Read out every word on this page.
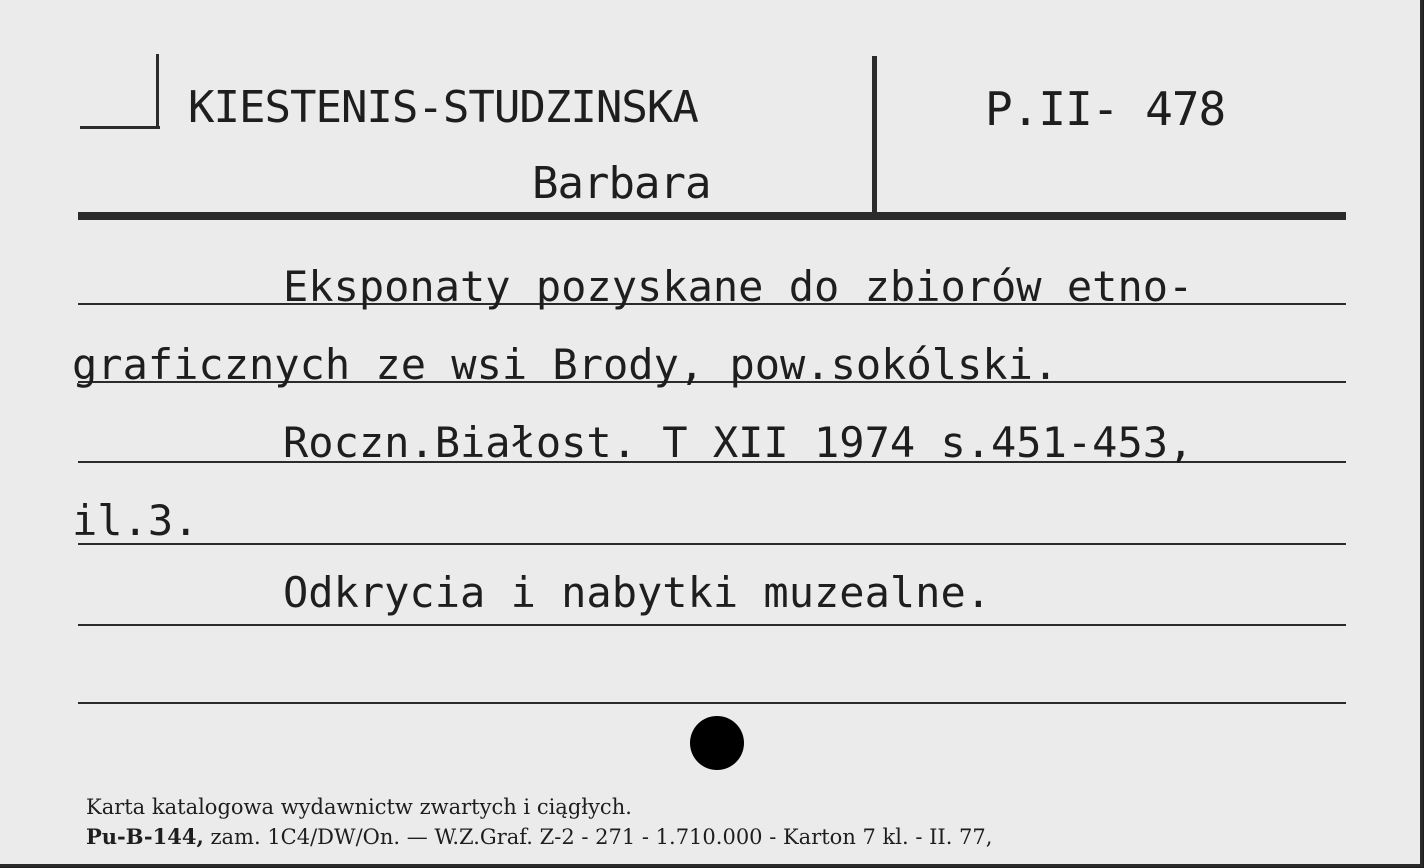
KIESTENIS-STUDZINSKA
Barbara
P.II- 478
Eksponaty pozyskane do zbiorów etno-
graficznych ze wsi Brody, pow.sokólski.
Roczn.Białost. T XII 1974 s.451-453,
il.3.
Odkrycia i nabytki muzealne.
Karta katalogowa wydawnictw zwartych i ciągłych.
Pu-B-144, zam. 1C4/DW/On. — W.Z.Graf. Z-2 - 271 - 1.710.000 - Karton 7 kl. - II. 77,
